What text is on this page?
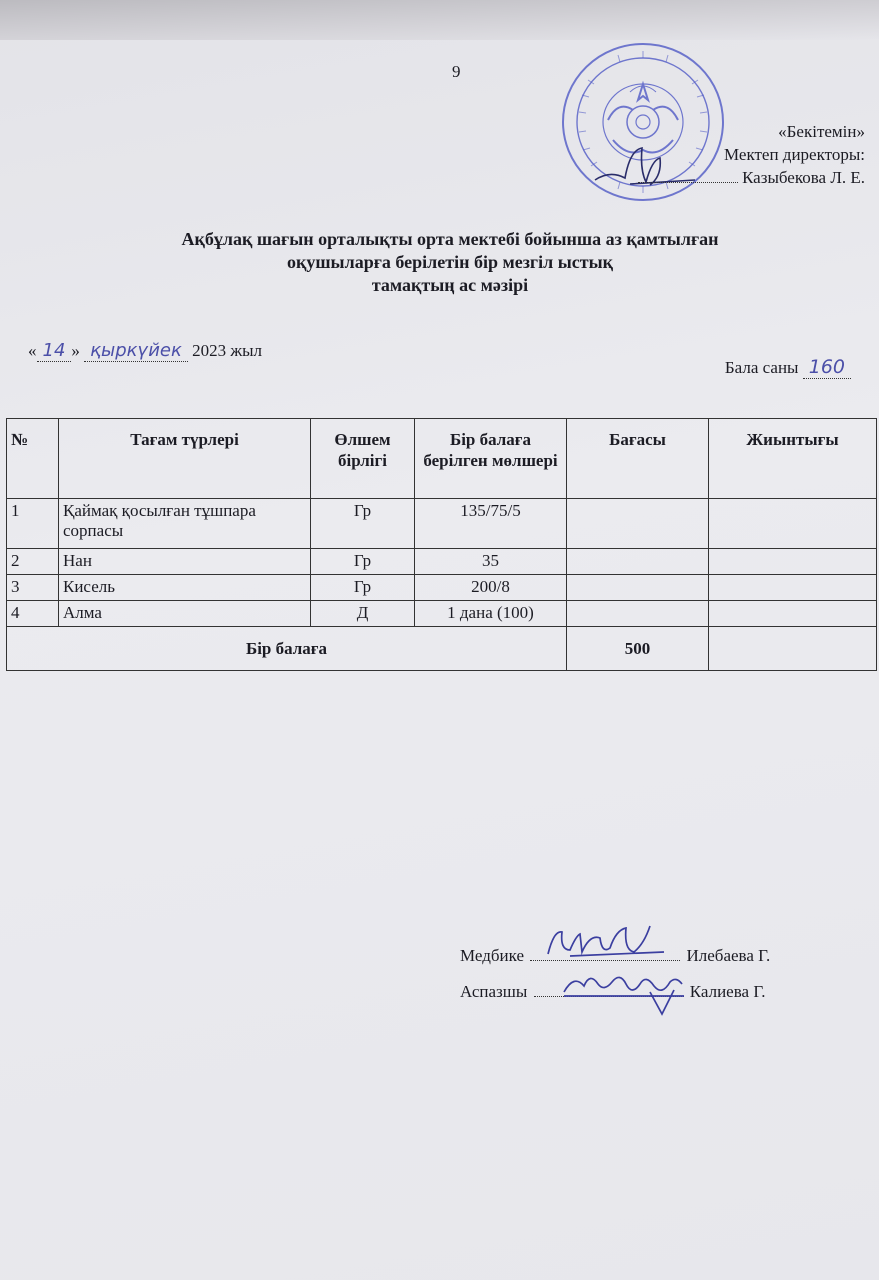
9
«Бекітемін»
Мектеп директоры:
Казыбекова Л. Е.
Ақбұлақ шағын орталықты орта мектебі бойынша аз қамтылған
оқушыларға берілетін бір мезгіл ыстық
тамақтың ас мәзірі
« 14 » қыркүйек 2023 жыл
Бала саны 160
№	Тағам түрлері	Өлшем бірлігі	Бір балаға берілген мөлшері	Бағасы	Жиынтығы
1	Қаймақ қосылған тұшпара сорпасы	Гр	135/75/5		
2	Нан	Гр	35		
3	Кисель	Гр	200/8		
4	Алма	Д	1 дана (100)		
Бір балаға				500	
Медбике	Илебаева Г.
Аспазшы	Калиева Г.
